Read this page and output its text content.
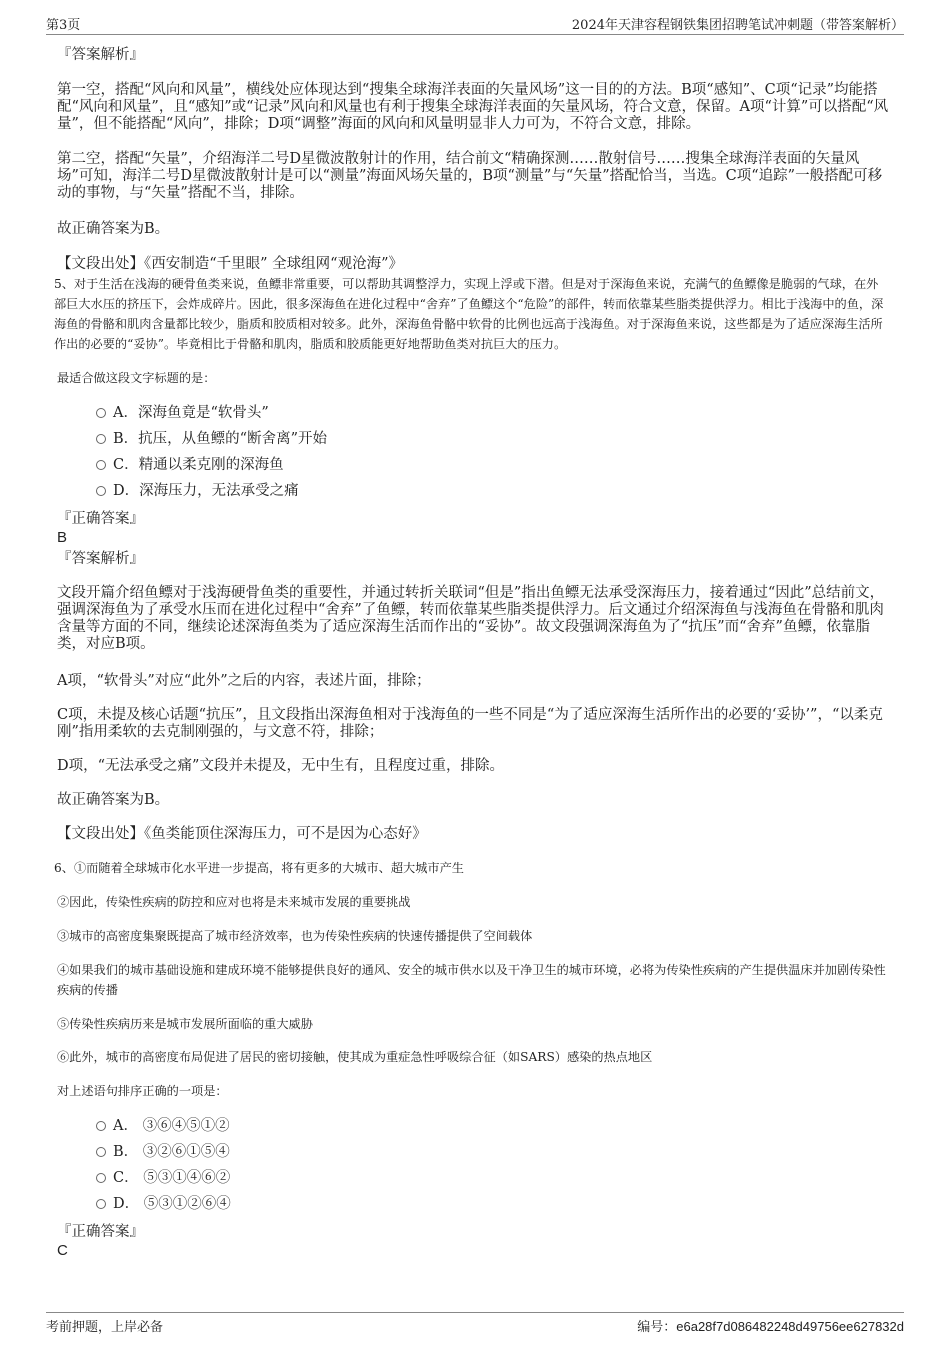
第3页	2024年天津容程钢铁集团招聘笔试冲刺题（带答案解析）
『答案解析』
第一空，搭配“风向和风量”，横线处应体现达到“搜集全球海洋表面的矢量风场”这一目的的方法。B项“感知”、C项“记录”均能搭配“风向和风量”，且“感知”或“记录”风向和风量也有利于搜集全球海洋表面的矢量风场，符合文意，保留。A项“计算”可以搭配“风量”，但不能搭配“风向”，排除；D项“调整”海面的风向和风量明显非人力可为，不符合文意，排除。
第二空，搭配“矢量”，介绍海洋二号D星微波散射计的作用，结合前文“精确探测……散射信号……搜集全球海洋表面的矢量风场”可知，海洋二号D星微波散射计是可以“测量”海面风场矢量的，B项“测量”与“矢量”搭配恰当，当选。C项“追踪”一般搭配可移动的事物，与“矢量”搭配不当，排除。
故正确答案为B。
【文段出处】《西安制造“千里眼” 全球组网“观沧海”》
5、对于生活在浅海的硬骨鱼类来说，鱼鳔非常重要，可以帮助其调整浮力，实现上浮或下潜。但是对于深海鱼来说，充满气的鱼鳔像是脆弱的气球，在外部巨大水压的挤压下，会炸成碎片。因此，很多深海鱼在进化过程中“舍弃”了鱼鳔这个“危险”的部件，转而依靠某些脂类提供浮力。相比于浅海中的鱼，深海鱼的骨骼和肌肉含量都比较少，脂质和胶质相对较多。此外，深海鱼骨骼中软骨的比例也远高于浅海鱼。对于深海鱼来说，这些都是为了适应深海生活所作出的必要的“妥协”。毕竟相比于骨骼和肌肉，脂质和胶质能更好地帮助鱼类对抗巨大的压力。
最适合做这段文字标题的是：
A．深海鱼竟是“软骨头”
B．抗压，从鱼鳔的“断舍离”开始
C．精通以柔克刚的深海鱼
D．深海压力，无法承受之痛
『正确答案』
B
『答案解析』
文段开篇介绍鱼鳔对于浅海硬骨鱼类的重要性，并通过转折关联词“但是”指出鱼鳔无法承受深海压力，接着通过“因此”总结前文，强调深海鱼为了承受水压而在进化过程中“舍弃”了鱼鳔，转而依靠某些脂类提供浮力。后文通过介绍深海鱼与浅海鱼在骨骼和肌肉含量等方面的不同，继续论述深海鱼类为了适应深海生活而作出的“妥协”。故文段强调深海鱼为了“抗压”而“舍弃”鱼鳔，依靠脂类，对应B项。
A项，“软骨头”对应“此外”之后的内容，表述片面，排除；
C项，未提及核心话题“抗压”，且文段指出深海鱼相对于浅海鱼的一些不同是“为了适应深海生活所作出的必要的‘妥协’”，“以柔克刚”指用柔软的去克制刚强的，与文意不符，排除；
D项，“无法承受之痛”文段并未提及，无中生有，且程度过重，排除。
故正确答案为B。
【文段出处】《鱼类能顶住深海压力，可不是因为心态好》
6、①而随着全球城市化水平进一步提高，将有更多的大城市、超大城市产生
②因此，传染性疾病的防控和应对也将是未来城市发展的重要挑战
③城市的高密度集聚既提高了城市经济效率，也为传染性疾病的快速传播提供了空间载体
④如果我们的城市基础设施和建成环境不能够提供良好的通风、安全的城市供水以及干净卫生的城市环境，必将为传染性疾病的产生提供温床并加剧传染性疾病的传播
⑤传染性疾病历来是城市发展所面临的重大威胁
⑥此外，城市的高密度布局促进了居民的密切接触，使其成为重症急性呼吸综合征（如SARS）感染的热点地区
对上述语句排序正确的一项是：
A． ③⑥④⑤①②
B． ③②⑥①⑤④
C． ⑤③①④⑥②
D． ⑤③①②⑥④
『正确答案』
C
考前押题，上岸必备	编号：e6a28f7d086482248d49756ee627832d
